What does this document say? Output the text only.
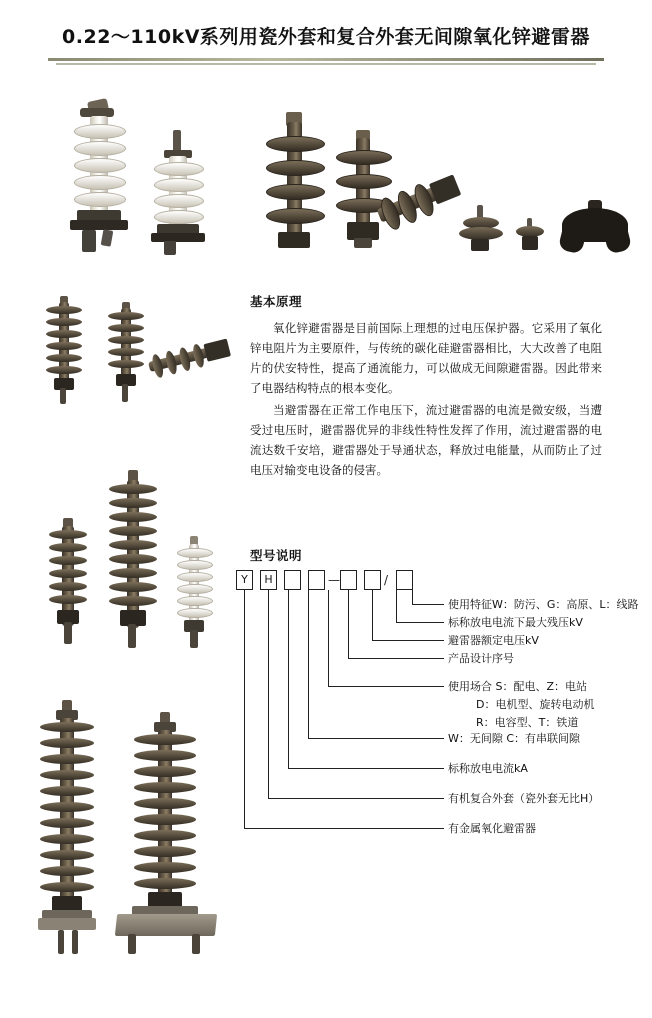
0.22～110kV系列用瓷外套和复合外套无间隙氧化锌避雷器
基本原理
氧化锌避雷器是目前国际上理想的过电压保护器。它采用了氧化锌电阻片为主要原件，与传统的碳化硅避雷器相比，大大改善了电阻片的伏安特性，提高了通流能力，可以做成无间隙避雷器。因此带来了电器结构特点的根本变化。
当避雷器在正常工作电压下，流过避雷器的电流是微安级，当遭受过电压时，避雷器优异的非线性特性发挥了作用，流过避雷器的电流达数千安培，避雷器处于导通状态，释放过电能量，从而防止了过电压对输变电设备的侵害。
型号说明
Y	H	—	/
使用特征W：防污、G：高原、L：线路
标称放电电流下最大残压kV
避雷器额定电压kV
产品设计序号
使用场合 S：配电、Z：电站
D：电机型、旋转电动机
R：电容型、T：铁道
W：无间隙 C：有串联间隙
标称放电电流kA
有机复合外套（瓷外套无比H）
有金属氧化避雷器
